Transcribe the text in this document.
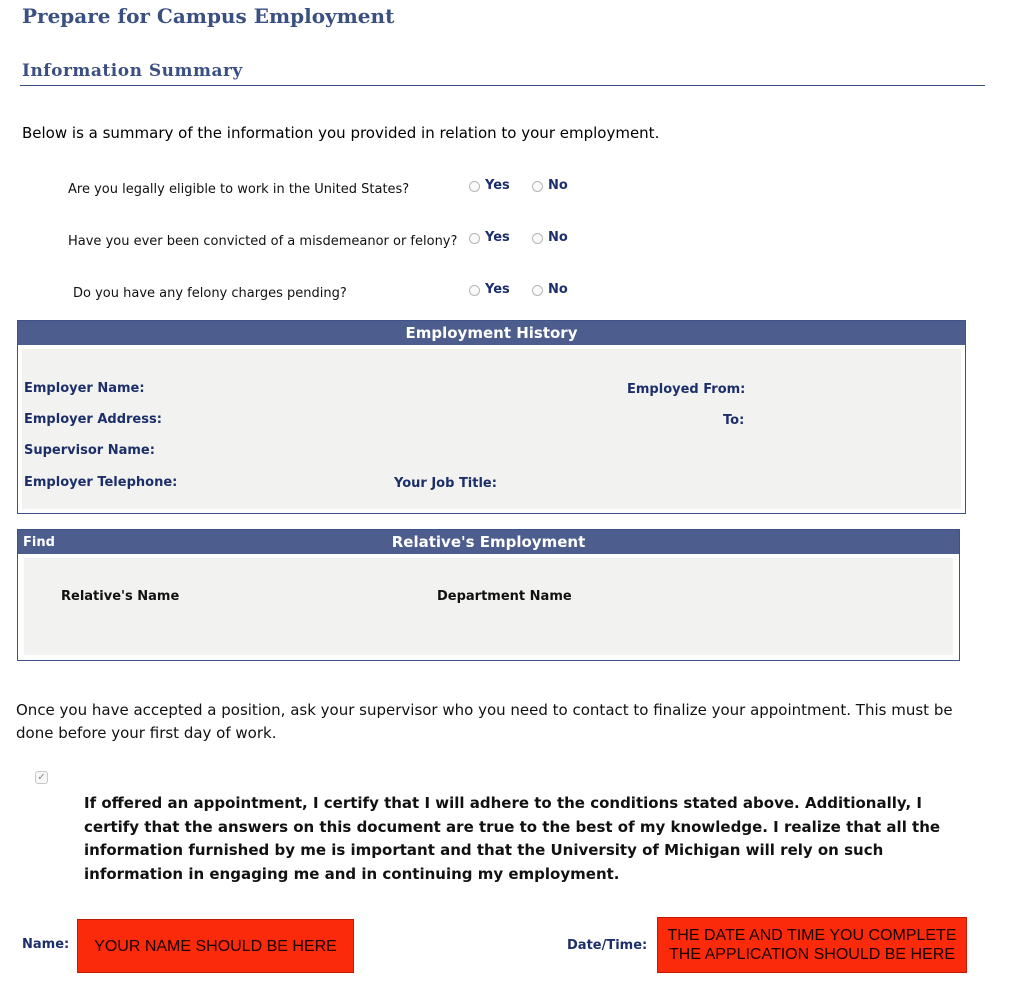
Prepare for Campus Employment
Information Summary
Below is a summary of the information you provided in relation to your employment.
Are you legally eligible to work in the United States?	Yes	No
Have you ever been convicted of a misdemeanor or felony? Yes	No
Do you have any felony charges pending?	Yes	No
Employment History
Employer Name:
Employer Address:
Supervisor Name:
Employer Telephone:	Your Job Title:
Employed From:
To:
Relative's Employment
Find
Relative's Name	Department Name
Once you have accepted a position, ask your supervisor who you need to contact to finalize your appointment. This must be done before your first day of work.
✓
If offered an appointment, I certify that I will adhere to the conditions stated above. Additionally, I certify that the answers on this document are true to the best of my knowledge. I realize that all the information furnished by me is important and that the University of Michigan will rely on such information in engaging me and in continuing my employment.
Name:	YOUR NAME SHOULD BE HERE	Date/Time:
THE DATE AND TIME YOU COMPLETE THE APPLICATION SHOULD BE HERE
